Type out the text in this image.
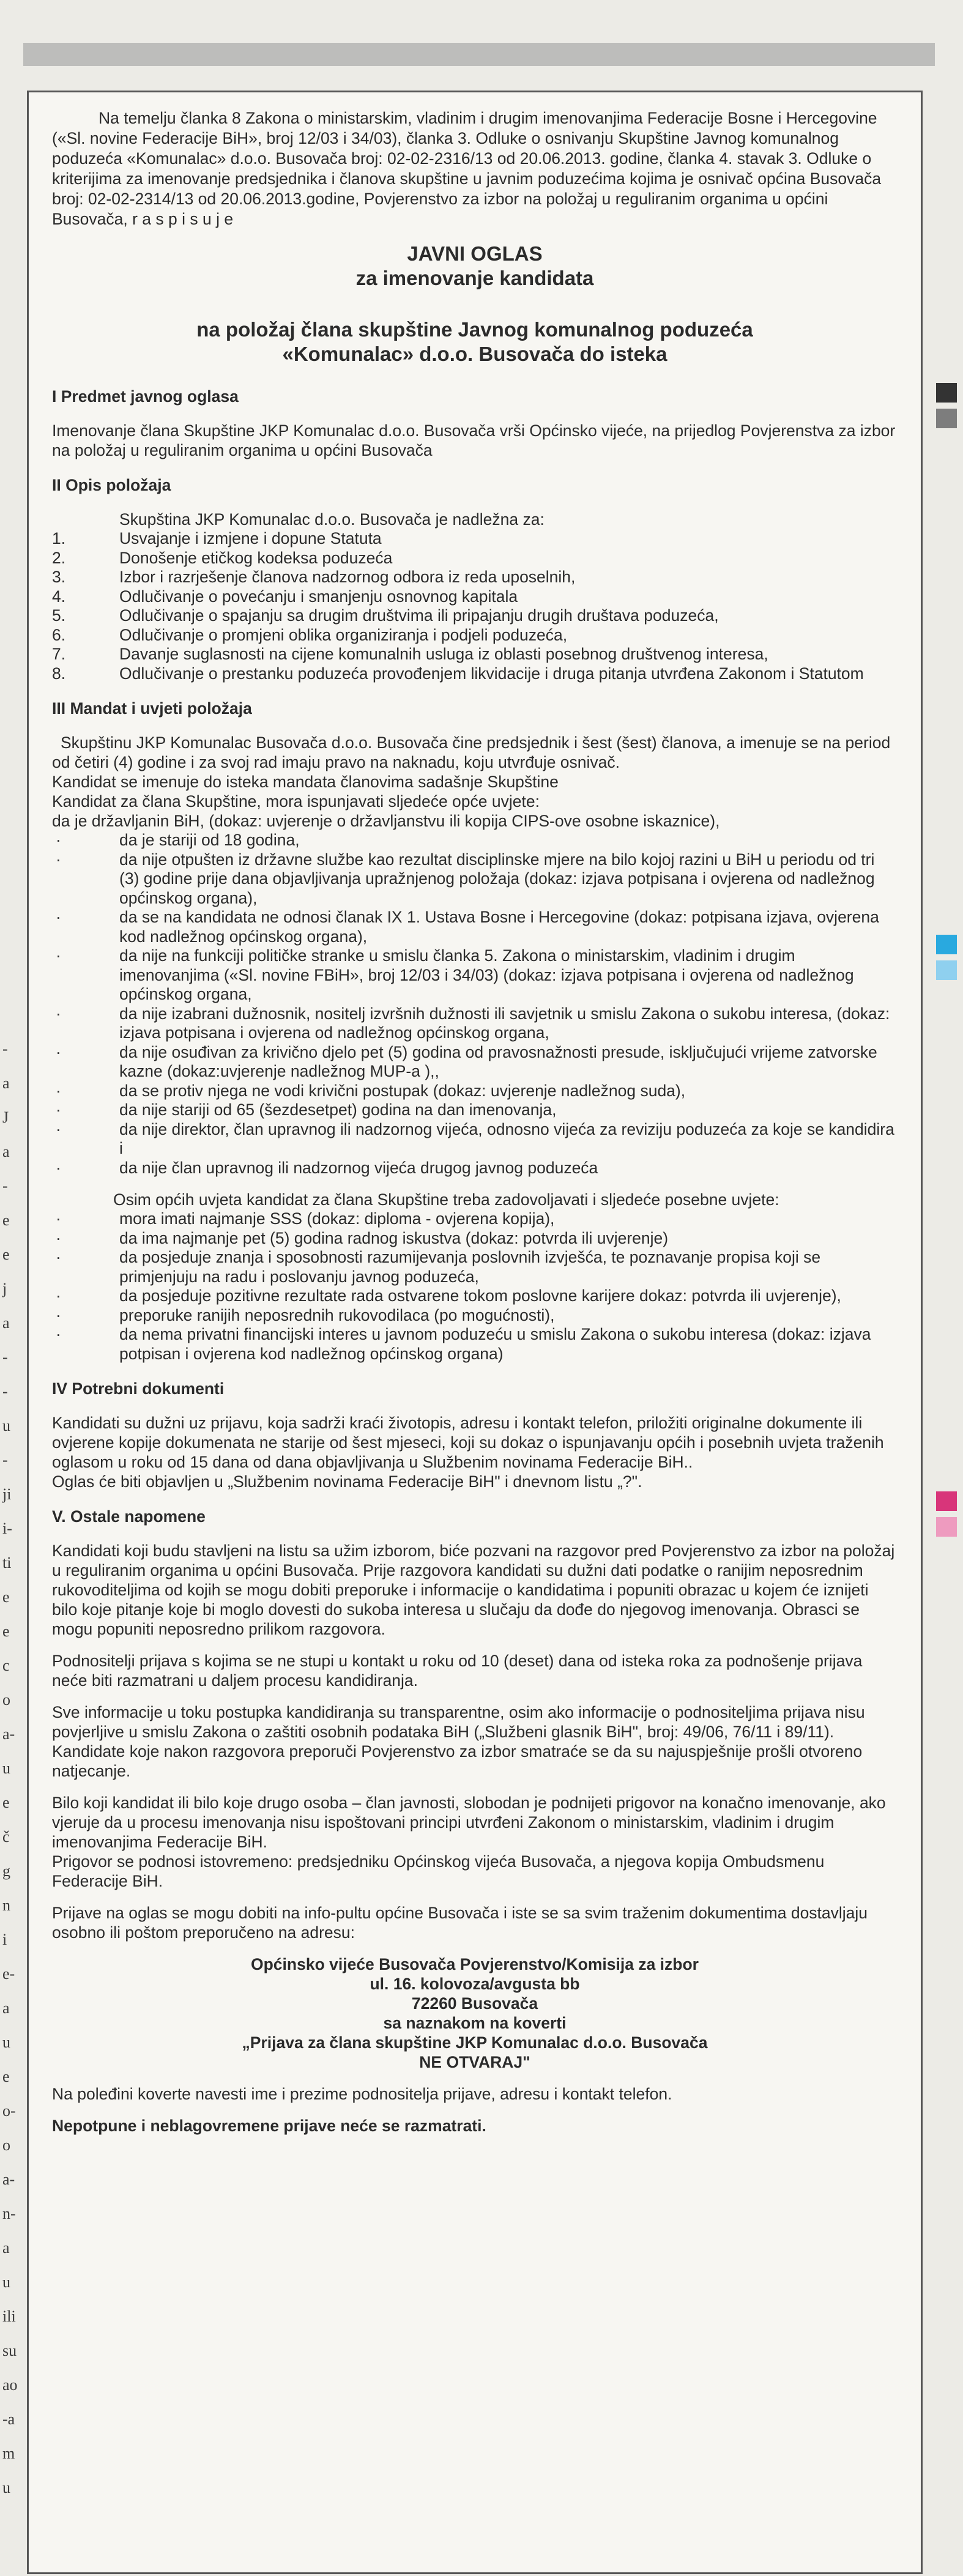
-
a
J
a
-
e
e
j
a
-
-
u
-
ji
i-
ti
e
e
c
o
a-
u
e
č
g
n
i
e-
a
u
e
o-
o
a-
n-
a
u
ili
su
ao
-a
m
u

Na temelju članka 8 Zakona o ministarskim, vladinim i drugim imenovanjima Federacije Bosne i Hercegovine («Sl. novine Federacije BiH», broj 12/03 i 34/03), članka 3. Odluke o osnivanju Skupštine Javnog komunalnog poduzeća «Komunalac» d.o.o. Busovača broj: 02-02-2316/13 od 20.06.2013. godine, članka 4. stavak 3. Odluke o kriterijima za imenovanje predsjednika i članova skupštine u javnim poduzećima kojima je osnivač općina Busovača broj: 02-02-2314/13 od 20.06.2013.godine, Povjerenstvo za izbor na položaj u reguliranim organima u općini Busovača, r a s p i s u j e

JAVNI OGLAS
za imenovanje kandidata
na položaj člana skupštine Javnog komunalnog poduzeća
«Komunalac» d.o.o. Busovača do isteka
I Predmet javnog oglasa

Imenovanje člana Skupštine JKP Komunalac d.o.o. Busovača vrši Općinsko vijeće, na prijedlog Povjerenstva za izbor na položaj u reguliranim organima u općini Busovača

II Opis položaja

Skupština JKP Komunalac d.o.o. Busovača je nadležna za:

1.	Usvajanje i izmjene i dopune Statuta
2.	Donošenje etičkog kodeksa poduzeća
3.	Izbor i razrješenje članova nadzornog odbora iz reda uposelnih,
4.	Odlučivanje o povećanju i smanjenju osnovnog kapitala
5.	Odlučivanje o spajanju sa drugim društvima ili pripajanju drugih društava poduzeća,
6.	Odlučivanje o promjeni oblika organiziranja i podjeli poduzeća,
7.	Davanje suglasnosti na cijene komunalnih usluga iz oblasti posebnog društvenog interesa,
8.	Odlučivanje o prestanku poduzeća provođenjem likvidacije i druga pitanja utvrđena Zakonom i Statutom
III Mandat i uvjeti položaja

Skupštinu JKP Komunalac Busovača d.o.o. Busovača čine predsjednik i šest (šest) članova, a imenuje se na period od četiri (4) godine i za svoj rad imaju pravo na naknadu, koju utvrđuje osnivač.

Kandidat se imenuje do isteka mandata članovima sadašnje Skupštine

Kandidat za člana Skupštine, mora ispunjavati sljedeće opće uvjete:

da je državljanin BiH, (dokaz: uvjerenje o državljanstvu ili kopija CIPS-ove osobne iskaznice),

·	da je stariji od 18 godina,
·	da nije otpušten iz državne službe kao rezultat disciplinske mjere na bilo kojoj razini u BiH u periodu od tri (3) godine prije dana objavljivanja upražnjenog položaja (dokaz: izjava potpisana i ovjerena od nadležnog općinskog organa),
·	da se na kandidata ne odnosi članak IX 1. Ustava Bosne i Hercegovine (dokaz: potpisana izjava, ovjerena kod nadležnog općinskog organa),
·	da nije na funkciji političke stranke u smislu članka 5. Zakona o ministarskim, vladinim i drugim imenovanjima («Sl. novine FBiH», broj 12/03 i 34/03) (dokaz: izjava potpisana i ovjerena od nadležnog općinskog organa,
·	da nije izabrani dužnosnik, nositelj izvršnih dužnosti ili savjetnik u smislu Zakona o sukobu interesa, (dokaz: izjava potpisana i ovjerena od nadležnog općinskog organa,
·	da nije osuđivan za krivično djelo pet (5) godina od pravosnažnosti presude, isključujući vrijeme zatvorske kazne (dokaz:uvjerenje nadležnog MUP-a ),,
·	da se protiv njega ne vodi krivični postupak (dokaz: uvjerenje nadležnog suda),
·	da nije stariji od 65 (šezdesetpet) godina na dan imenovanja,
·	da nije direktor, član upravnog ili nadzornog vijeća, odnosno vijeća za reviziju poduzeća za koje se kandidira i
·	da nije član upravnog ili nadzornog vijeća drugog javnog poduzeća

Osim općih uvjeta kandidat za člana Skupštine treba zadovoljavati i sljedeće posebne uvjete:

·	mora imati najmanje SSS (dokaz: diploma - ovjerena kopija),
·	da ima najmanje pet (5) godina radnog iskustva (dokaz: potvrda ili uvjerenje)
·	da posjeduje znanja i sposobnosti razumijevanja poslovnih izvješća, te poznavanje propisa koji se primjenjuju na radu i poslovanju javnog poduzeća,
·	da posjeduje pozitivne rezultate rada ostvarene tokom poslovne karijere dokaz: potvrda ili uvjerenje),
·	preporuke ranijih neposrednih rukovodilaca (po mogućnosti),
·	da nema privatni financijski interes u javnom poduzeću u smislu Zakona o sukobu interesa (dokaz: izjava potpisan i ovjerena kod nadležnog općinskog organa)
IV Potrebni dokumenti

Kandidati su dužni uz prijavu, koja sadrži kraći životopis, adresu i kontakt telefon, priložiti originalne dokumente ili ovjerene kopije dokumenata ne starije od šest mjeseci, koji su dokaz o ispunjavanju općih i posebnih uvjeta traženih oglasom u roku od 15 dana od dana objavljivanja u Službenim novinama Federacije BiH..

Oglas će biti objavljen u „Službenim novinama Federacije BiH" i dnevnom listu „?".

V. Ostale napomene

Kandidati koji budu stavljeni na listu sa užim izborom, biće pozvani na razgovor pred Povjerenstvo za izbor na položaj u reguliranim organima u općini Busovača. Prije razgovora kandidati su dužni dati podatke o ranijim neposrednim rukovoditeljima od kojih se mogu dobiti preporuke i informacije o kandidatima i popuniti obrazac u kojem će iznijeti bilo koje pitanje koje bi moglo dovesti do sukoba interesa u slučaju da dođe do njegovog imenovanja. Obrasci se mogu popuniti neposredno prilikom razgovora.

Podnositelji prijava s kojima se ne stupi u kontakt u roku od 10 (deset) dana od isteka roka za podnošenje prijava neće biti razmatrani u daljem procesu kandidiranja.

Sve informacije u toku postupka kandidiranja su transparentne, osim ako informacije o podnositeljima prijava nisu povjerljive u smislu Zakona o zaštiti osobnih podataka BiH („Službeni glasnik BiH", broj: 49/06, 76/11 i 89/11).

Kandidate koje nakon razgovora preporuči Povjerenstvo za izbor smatraće se da su najuspješnije prošli otvoreno natjecanje.

Bilo koji kandidat ili bilo koje drugo osoba – član javnosti, slobodan je podnijeti prigovor na konačno imenovanje, ako vjeruje da u procesu imenovanja nisu ispoštovani principi utvrđeni Zakonom o ministarskim, vladinim i drugim imenovanjima Federacije BiH.

Prigovor se podnosi istovremeno: predsjedniku Općinskog vijeća Busovača, a njegova kopija Ombudsmenu Federacije BiH.

Prijave na oglas se mogu dobiti na info-pultu općine Busovača i iste se sa svim traženim dokumentima dostavljaju osobno ili poštom preporučeno na adresu:

Općinsko vijeće Busovača Povjerenstvo/Komisija za izbor
ul. 16. kolovoza/avgusta bb
72260 Busovača
sa naznakom na koverti
„Prijava za člana skupštine JKP Komunalac d.o.o. Busovača
NE OTVARAJ"

Na poleđini koverte navesti ime i prezime podnositelja prijave, adresu i kontakt telefon.

Nepotpune i neblagovremene prijave neće se razmatrati.
